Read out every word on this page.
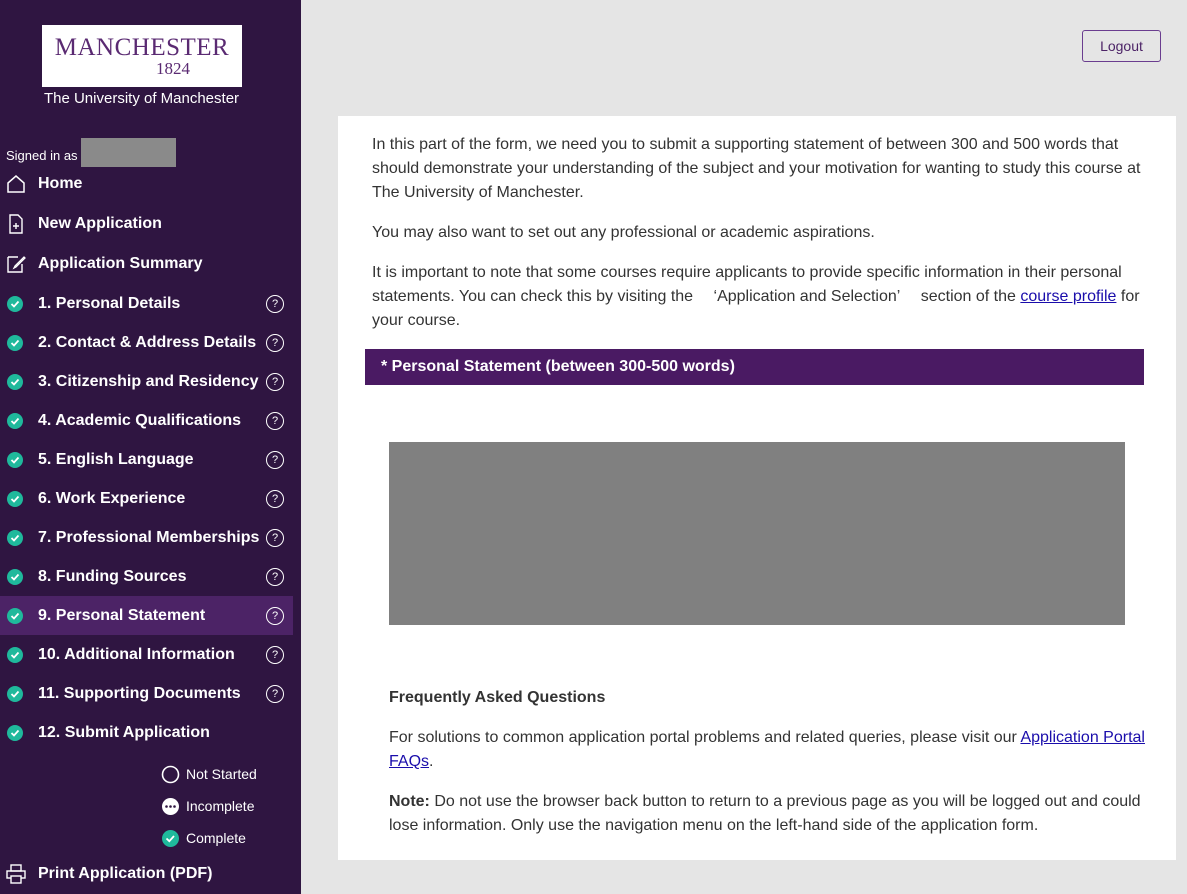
MANCHESTER
1824
The University of Manchester
Signed in as
Home
New Application
Application Summary
1. Personal Details	?
2. Contact & Address Details	?
3. Citizenship and Residency	?
4. Academic Qualifications	?
5. English Language	?
6. Work Experience	?
7. Professional Memberships	?
8. Funding Sources	?
9. Personal Statement	?
10. Additional Information	?
11. Supporting Documents	?
12. Submit Application
Not Started
Incomplete
Complete
Print Application (PDF)
Logout

In this part of the form, we need you to submit a supporting statement of between 300 and 500 words that should demonstrate your understanding of the subject and your motivation for wanting to study this course at The University of Manchester.

You may also want to set out any professional or academic aspirations.

It is important to note that some courses require applicants to provide specific information in their personal statements. You can check this by visiting the  ‘Application and Selection’  section of the course profile for your course.

* Personal Statement (between 300-500 words)
Frequently Asked Questions

For solutions to common application portal problems and related queries, please visit our Application Portal FAQs.

Note: Do not use the browser back button to return to a previous page as you will be logged out and could lose information. Only use the navigation menu on the left-hand side of the application form.
